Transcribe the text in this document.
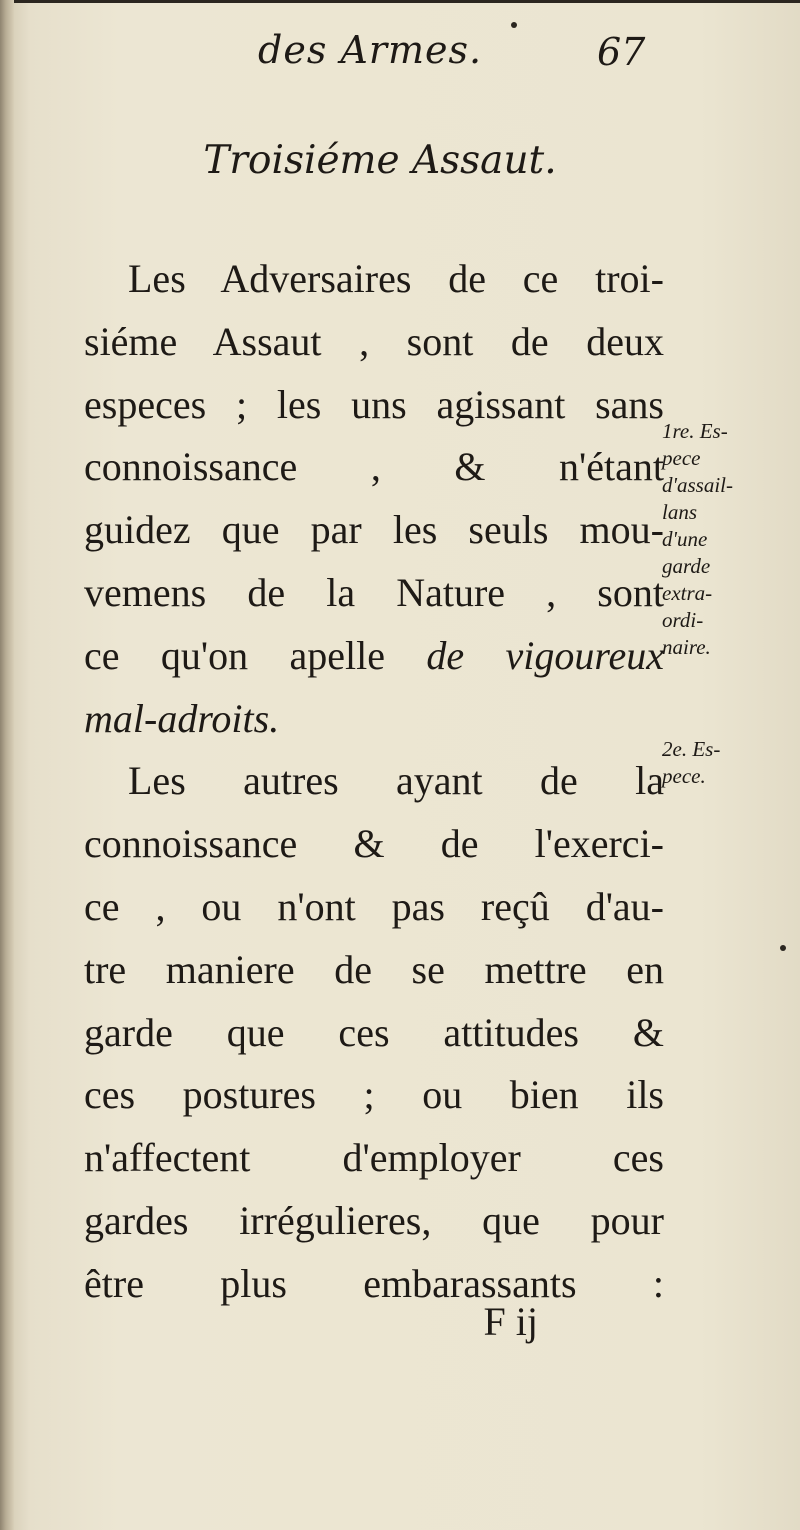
des Armes.	67
Troisiéme Assaut.
Les Adversaires de ce troi-
siéme Assaut , sont de deux
especes ; les uns agissant sans
connoissance , & n'étant
guidez que par les seuls mou-
vemens de la Nature , sont
ce qu'on apelle de vigoureux
mal-adroits.
Les autres ayant de la
connoissance & de l'exerci-
ce , ou n'ont pas reçû d'au-
tre maniere de se mettre en
garde que ces attitudes &
ces postures ; ou bien ils
n'affectent d'employer ces
gardes irrégulieres, que pour
être plus embarassants :
1re. Es-
pece
d'assail-
lans
d'une
garde
extra-
ordi-
naire.
2e. Es-
pece.
F ij
